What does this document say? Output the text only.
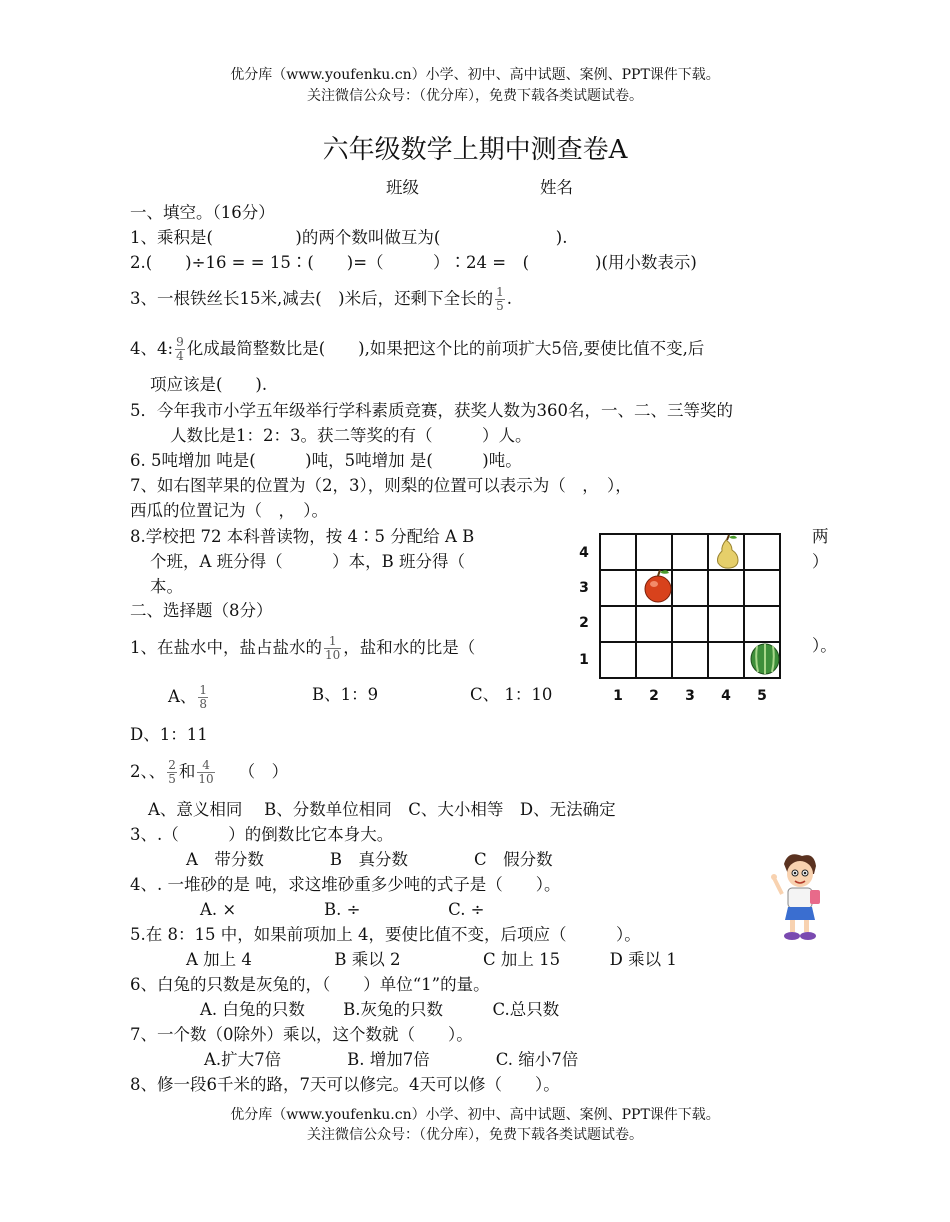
优分库（www.youfenku.cn）小学、初中、高中试题、案例、PPT课件下载。
关注微信公众号：（优分库），免费下载各类试题试卷。
六年级数学上期中测查卷A
班级	姓名
一、填空。（16分）
1、乘积是(　　　　　)的两个数叫做互为(　　　　　　　).
2.(　　)÷16 = = 15∶(　　)=（　　　）∶24 =　(　　　　)(用小数表示)
3、一根铁丝长15米,减去(　)米后，还剩下全长的 $\frac{1}{5}$ .
4、4: $\frac{9}{4}$ 化成最简整数比是(　　),如果把这个比的前项扩大5倍,要使比值不变,后
项应该是(　　).
5．今年我市小学五年级举行学科素质竞赛，获奖人数为360名，一、二、三等奖的
人数比是1：2：3。获二等奖的有（　　　）人。
6. 5吨增加 吨是(　　　)吨，5吨增加 是(　　　)吨。
7、如右图苹果的位置为（2，3），则梨的位置可以表示为（　，　），
西瓜的位置记为（　，　）。
8.学校把 72 本科普读物，按 4∶5 分配给 A B	两
个班，A 班分得（　　　）本，B 班分得（	）
本。
二、选择题（8分）
1、在盐水中，盐占盐水的 $\frac{1}{10}$ ，盐和水的比是（	）。
A、 $\frac{1}{8}$	B、1：9	C、 1：10
D、1：11
2、、 $\frac{2}{5}$ 和 $\frac{4}{10}$ （　）
A、意义相同　 B、分数单位相同　C、大小相等　D、无法确定
3、.（　　　）的倒数比它本身大。
A　带分数　　　　B　真分数　　　　C　假分数
4、. 一堆砂的是 吨，求这堆砂重多少吨的式子是（　　）。
A. ×　　　　　 B. ÷　　　　　 C. ÷
5.在 8：15 中，如果前项加上 4，要使比值不变，后项应（　　　）。
A 加上 4　　　　　B 乘以 2　　　　　C 加上 15　　　D 乘以 1
6、白兔的只数是灰兔的，（　　）单位“1”的量。
A. 白兔的只数　　 B.灰兔的只数　　　C.总只数
7、一个数（0除外）乘以，这个数就（　　）。
A.扩大7倍　　　　B. 增加7倍　　　　C. 缩小7倍
8、修一段6千米的路，7天可以修完。4天可以修（　　）。
4
3
2
1
1 2 3 4 5
优分库（www.youfenku.cn）小学、初中、高中试题、案例、PPT课件下载。
关注微信公众号：（优分库），免费下载各类试题试卷。
